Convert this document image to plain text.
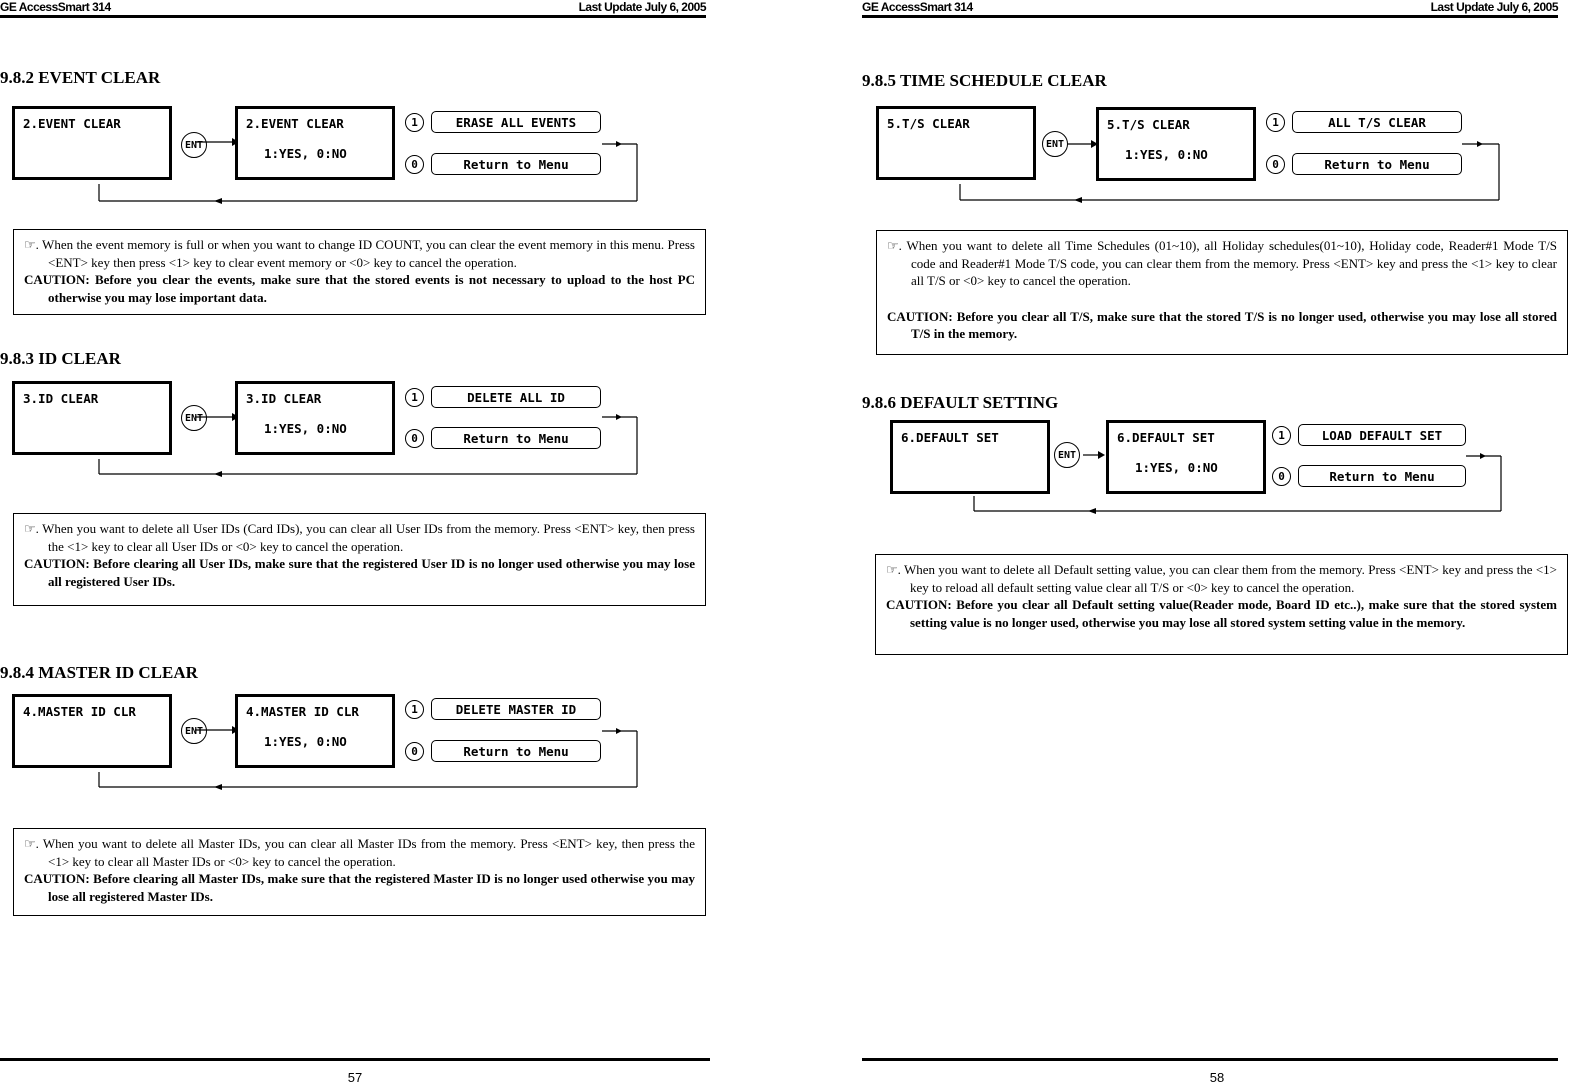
GE AccessSmart 314	Last Update July 6, 2005
9.8.2 EVENT CLEAR
2.EVENT CLEAR
ENT
2.EVENT CLEAR
1:YES, 0:NO
1	ERASE ALL EVENTS
0	Return to Menu

☞. When the event memory is full or when you want to change ID COUNT, you can clear the event memory in this menu. Press <ENT> key then press <1> key to clear event memory or <0> key to cancel the operation.

CAUTION: Before you clear the events, make sure that the stored events is not necessary to upload to the host PC otherwise you may lose important data.

9.8.3 ID CLEAR
3.ID CLEAR
ENT
3.ID CLEAR
1:YES, 0:NO
1	DELETE ALL ID
0	Return to Menu

☞. When you want to delete all User IDs (Card IDs), you can clear all User IDs from the memory. Press <ENT> key, then press the <1> key to clear all User IDs or <0> key to cancel the operation.

CAUTION: Before clearing all User IDs, make sure that the registered User ID is no longer used otherwise you may lose all registered User IDs.

9.8.4 MASTER ID CLEAR
4.MASTER ID CLR
ENT
4.MASTER ID CLR
1:YES, 0:NO
1	DELETE MASTER ID
0	Return to Menu

☞. When you want to delete all Master IDs, you can clear all Master IDs from the memory. Press <ENT> key, then press the <1> key to clear all Master IDs or <0> key to cancel the operation.

CAUTION: Before clearing all Master IDs, make sure that the registered Master ID is no longer used otherwise you may lose all registered Master IDs.

57
GE AccessSmart 314	Last Update July 6, 2005
9.8.5 TIME SCHEDULE CLEAR
5.T/S CLEAR
ENT
5.T/S CLEAR
1:YES, 0:NO
1	ALL T/S CLEAR
0	Return to Menu

☞. When you want to delete all Time Schedules (01~10), all Holiday schedules(01~10), Holiday code, Reader#1 Mode T/S code and Reader#1 Mode T/S code, you can clear them from the memory. Press <ENT> key and press the <1> key to clear all T/S or <0> key to cancel the operation.

CAUTION: Before you clear all T/S, make sure that the stored T/S is no longer used, otherwise you may lose all stored T/S in the memory.

9.8.6 DEFAULT SETTING
6.DEFAULT SET
ENT
6.DEFAULT SET
1:YES, 0:NO
1	LOAD DEFAULT SET
0	Return to Menu

☞. When you want to delete all Default setting value, you can clear them from the memory. Press <ENT> key and press the <1> key to reload all default setting value clear all T/S or <0> key to cancel the operation.

CAUTION: Before you clear all Default setting value(Reader mode, Board ID etc..), make sure that the stored system setting value is no longer used, otherwise you may lose all stored system setting value in the memory.

58
